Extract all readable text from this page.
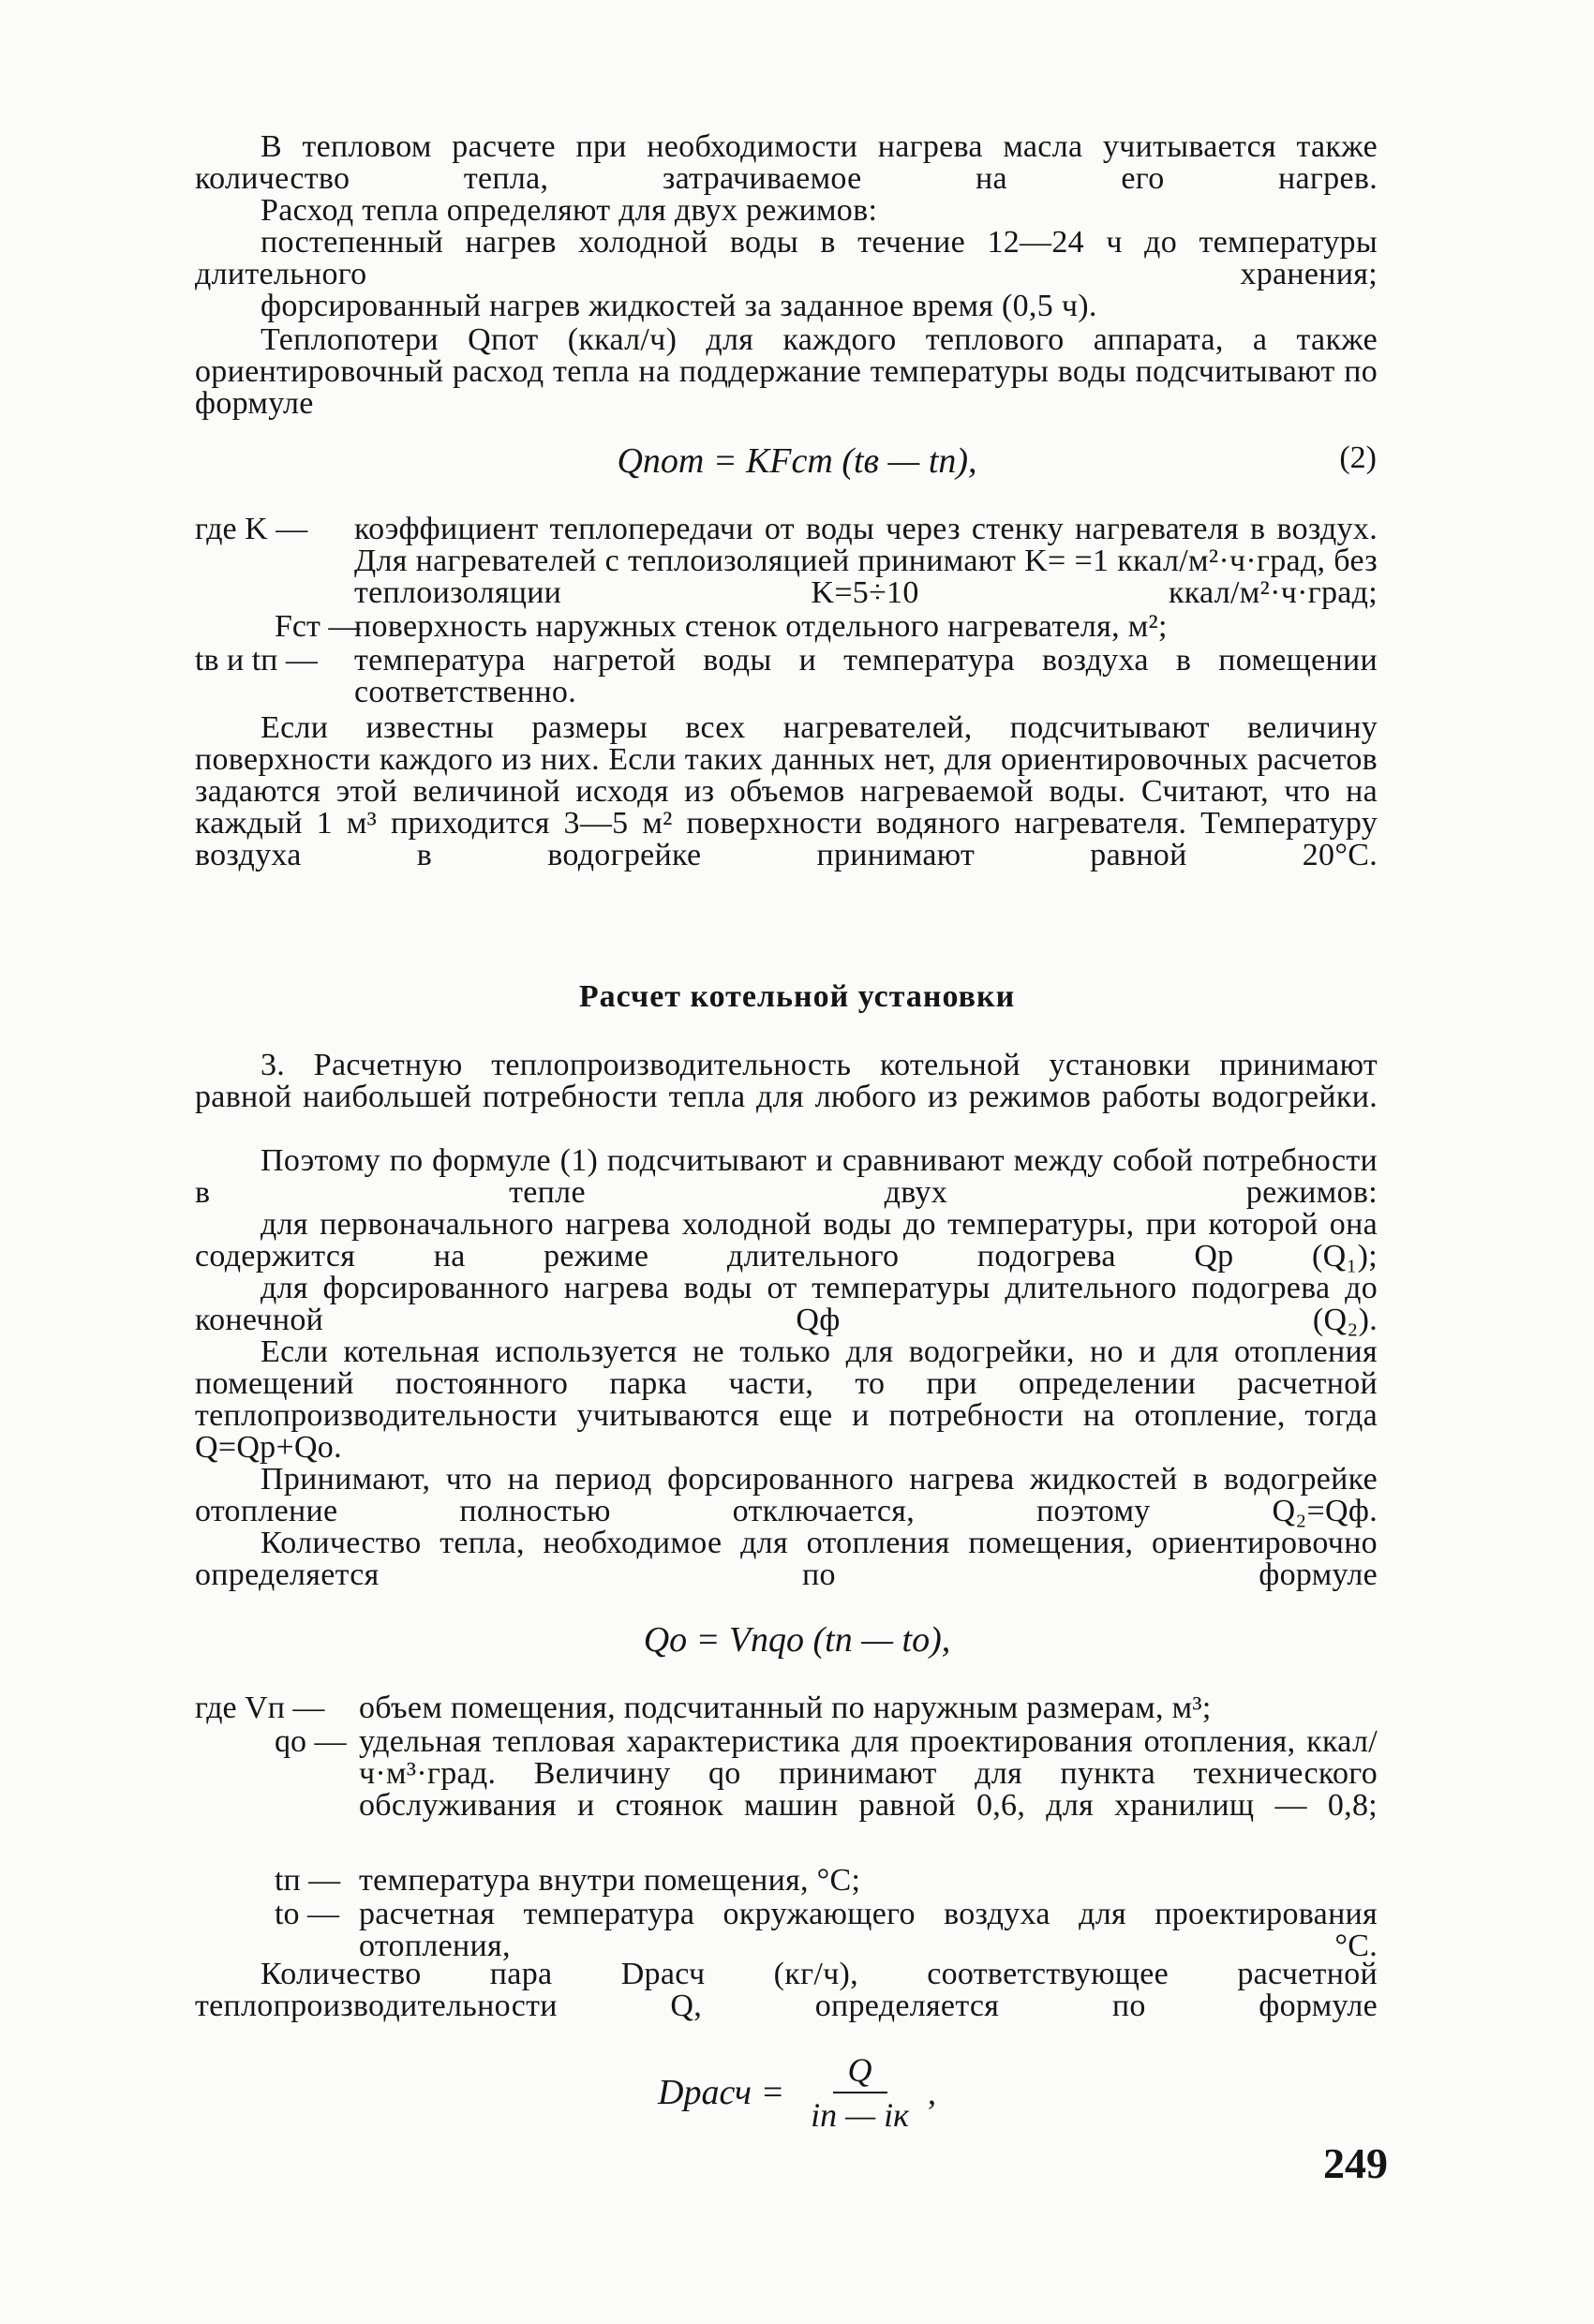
В тепловом расчете при необходимости нагрева масла учитывается также количество тепла, затрачиваемое на его нагрев.
Расход тепла определяют для двух режимов:
постепенный нагрев холодной воды в течение 12—24 ч до температуры длительного хранения;
форсированный нагрев жидкостей за заданное время (0,5 ч).
Теплопотери Qпот (ккал/ч) для каждого теплового аппарата, а также ориентировочный расход тепла на поддержание температуры воды подсчитывают по формуле
Qпот = KFст (tв — tп),	(2)
где K — коэффициент теплопередачи от воды через стенку нагревателя в воздух. Для нагревателей с теплоизоляцией принимают K= =1 ккал/м²·ч·град, без теплоизоляции K=5÷10 ккал/м²·ч·град;
Fст —
поверхность наружных стенок отдельного нагревателя, м²;
tв и tп — температура нагретой воды и температура воздуха в помещении соответственно.
Если известны размеры всех нагревателей, подсчитывают величину поверхности каждого из них. Если таких данных нет, для ориентировочных расчетов задаются этой величиной исходя из объемов нагреваемой воды. Считают, что на каждый 1 м³ приходится 3—5 м² поверхности водяного нагревателя. Температуру воздуха в водогрейке принимают равной 20°С.
Расчет котельной установки
3. Расчетную теплопроизводительность котельной установки принимают равной наибольшей потребности тепла для любого из режимов работы водогрейки.
Поэтому по формуле (1) подсчитывают и сравнивают между собой потребности в тепле двух режимов:
для первоначального нагрева холодной воды до температуры, при которой она содержится на режиме длительного подогрева Qр (Q₁);
для форсированного нагрева воды от температуры длительного подогрева до конечной Qф (Q₂).
Если котельная используется не только для водогрейки, но и для отопления помещений постоянного парка части, то при определении расчетной теплопроизводительности учитываются еще и потребности на отопление, тогда Q=Qр+Qо.
Принимают, что на период форсированного нагрева жидкостей в водогрейке отопление полностью отключается, поэтому Q₂=Qф.
Количество тепла, необходимое для отопления помещения, ориентировочно определяется по формуле
Qо = Vпqо (tп — tо),
где Vп — объем помещения, подсчитанный по наружным размерам, м³;
qо — удельная тепловая характеристика для проектирования отопления, ккал/ч·м³·град. Величину qо принимают для пункта технического обслуживания и стоянок машин равной 0,6, для хранилищ — 0,8;
tп — температура внутри помещения, °С;
tо — расчетная температура окружающего воздуха для проектирования отопления, °С.
Количество пара Dрасч (кг/ч), соответствующее расчетной теплопроизводительности Q, определяется по формуле
Dрасч =
Q
iп — iк
,
249
